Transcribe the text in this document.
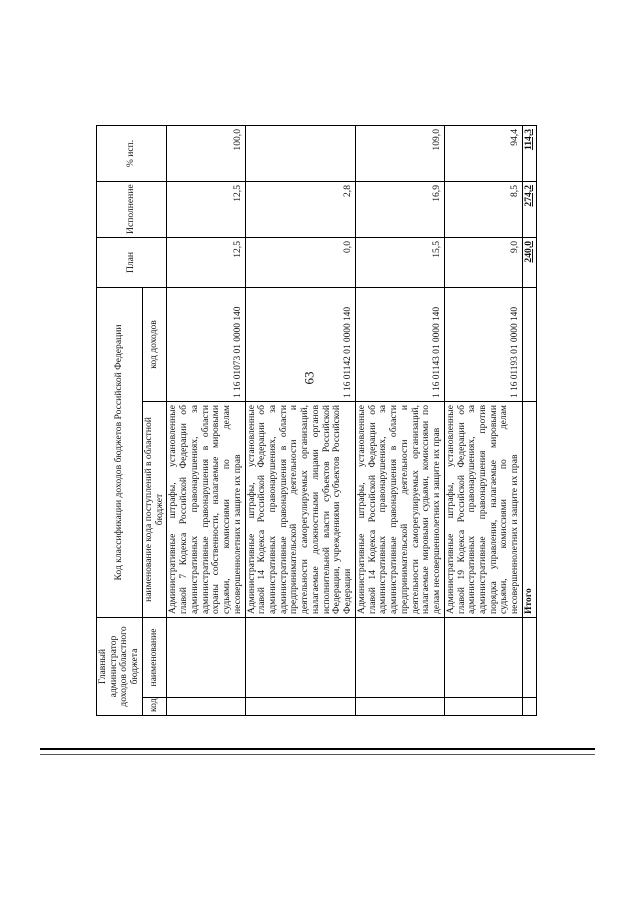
63
Главный администратор доходов областного бюджета		Код классификации доходов бюджетов Российской Федерации		План	Исполнение	% исп.
код	наименование	наименование кода поступлений в областной бюджет	код доходов			
		Административные штрафы, установленные главой 7 Кодекса Российской Федерации об административных правонарушениях, за административные правонарушения в области охраны собственности, налагаемые мировыми судьями, комиссиями по делам несовершеннолетних и защите их прав	1 16 01073 01 0000 140	12,5	12,5	100,0
		Административные штрафы, установленные главой 14 Кодекса Российской Федерации об административных правонарушениях, за административные правонарушения в области предпринимательской деятельности и деятельности саморегулируемых организаций, налагаемые должностными лицами органов исполнительной власти субъектов Российской Федерации, учреждениями субъектов Российской Федерации	1 16 01142 01 0000 140	0,0	2,8	
		Административные штрафы, установленные главой 14 Кодекса Российской Федерации об административных правонарушениях, за административные правонарушения в области предпринимательской деятельности и деятельности саморегулируемых организаций, налагаемые мировыми судьями, комиссиями по делам несовершеннолетних и защите их прав	1 16 01143 01 0000 140	15,5	16,9	109,0
		Административные штрафы, установленные главой 19 Кодекса Российской Федерации об административных правонарушениях, за административные правонарушения против порядка управления, налагаемые мировыми судьями, комиссиями по делам несовершеннолетних и защите их прав	1 16 01193 01 0000 140	9,0	8,5	94,4
		Итого		240,0	274,2	114,3
